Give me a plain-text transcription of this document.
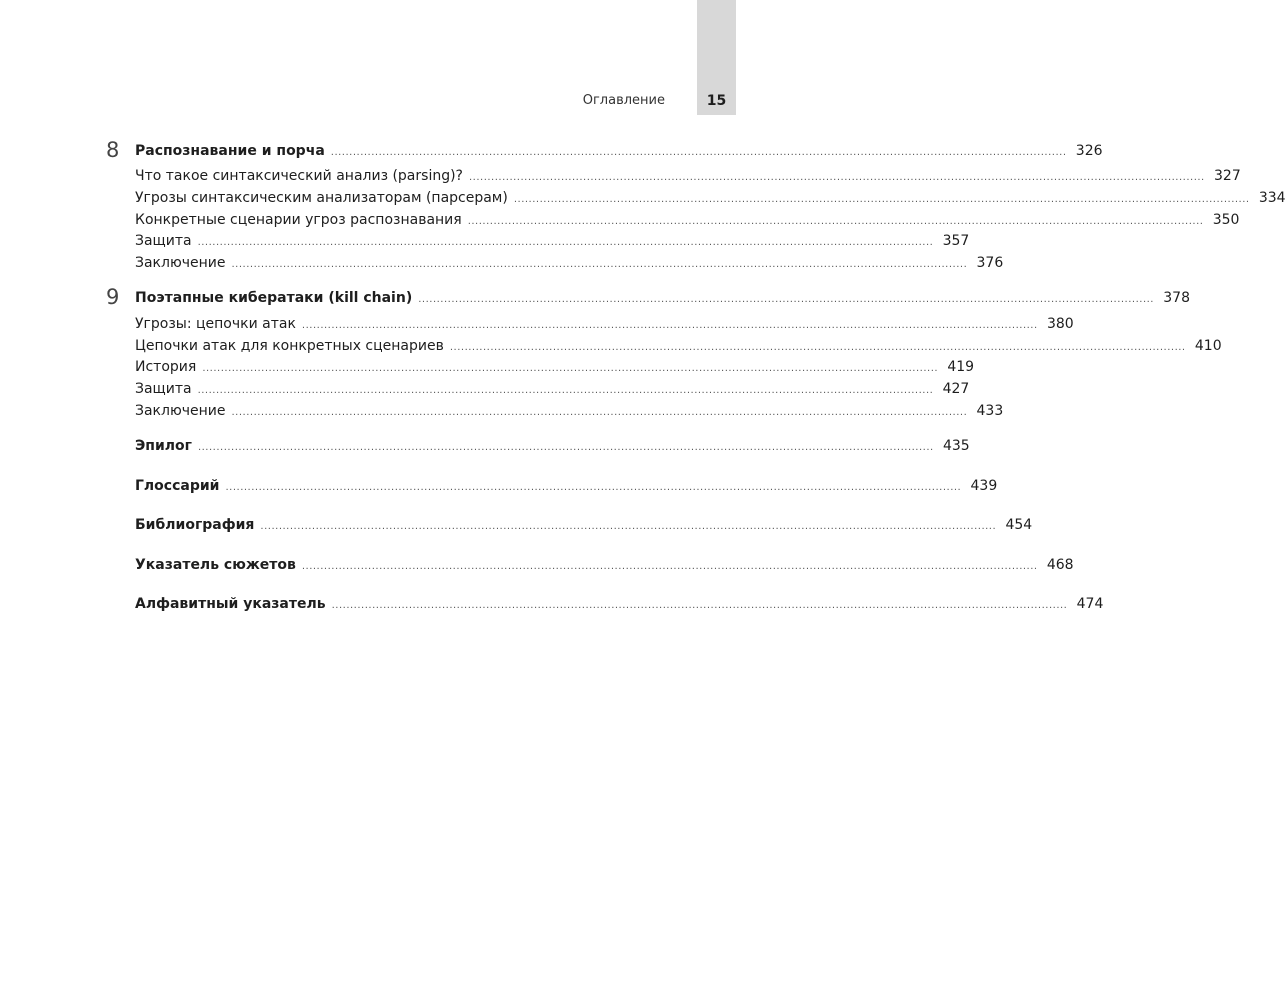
15
Оглавление
8 Распознавание и порча ........................................................................................................................................................................................................ 326
Что такое синтаксический анализ (parsing)? ........................................................................................................................................................................................................ 327
Угрозы синтаксическим анализаторам (парсерам) ........................................................................................................................................................................................................ 334
Конкретные сценарии угроз распознавания ........................................................................................................................................................................................................ 350
Защита ........................................................................................................................................................................................................ 357
Заключение ........................................................................................................................................................................................................ 376
9 Поэтапные кибератаки (kill chain) ........................................................................................................................................................................................................ 378
Угрозы: цепочки атак ........................................................................................................................................................................................................ 380
Цепочки атак для конкретных сценариев ........................................................................................................................................................................................................ 410
История ........................................................................................................................................................................................................ 419
Защита ........................................................................................................................................................................................................ 427
Заключение ........................................................................................................................................................................................................ 433
Эпилог ........................................................................................................................................................................................................ 435
Глоссарий ........................................................................................................................................................................................................ 439
Библиография ........................................................................................................................................................................................................ 454
Указатель сюжетов ........................................................................................................................................................................................................ 468
Алфавитный указатель ........................................................................................................................................................................................................ 474
